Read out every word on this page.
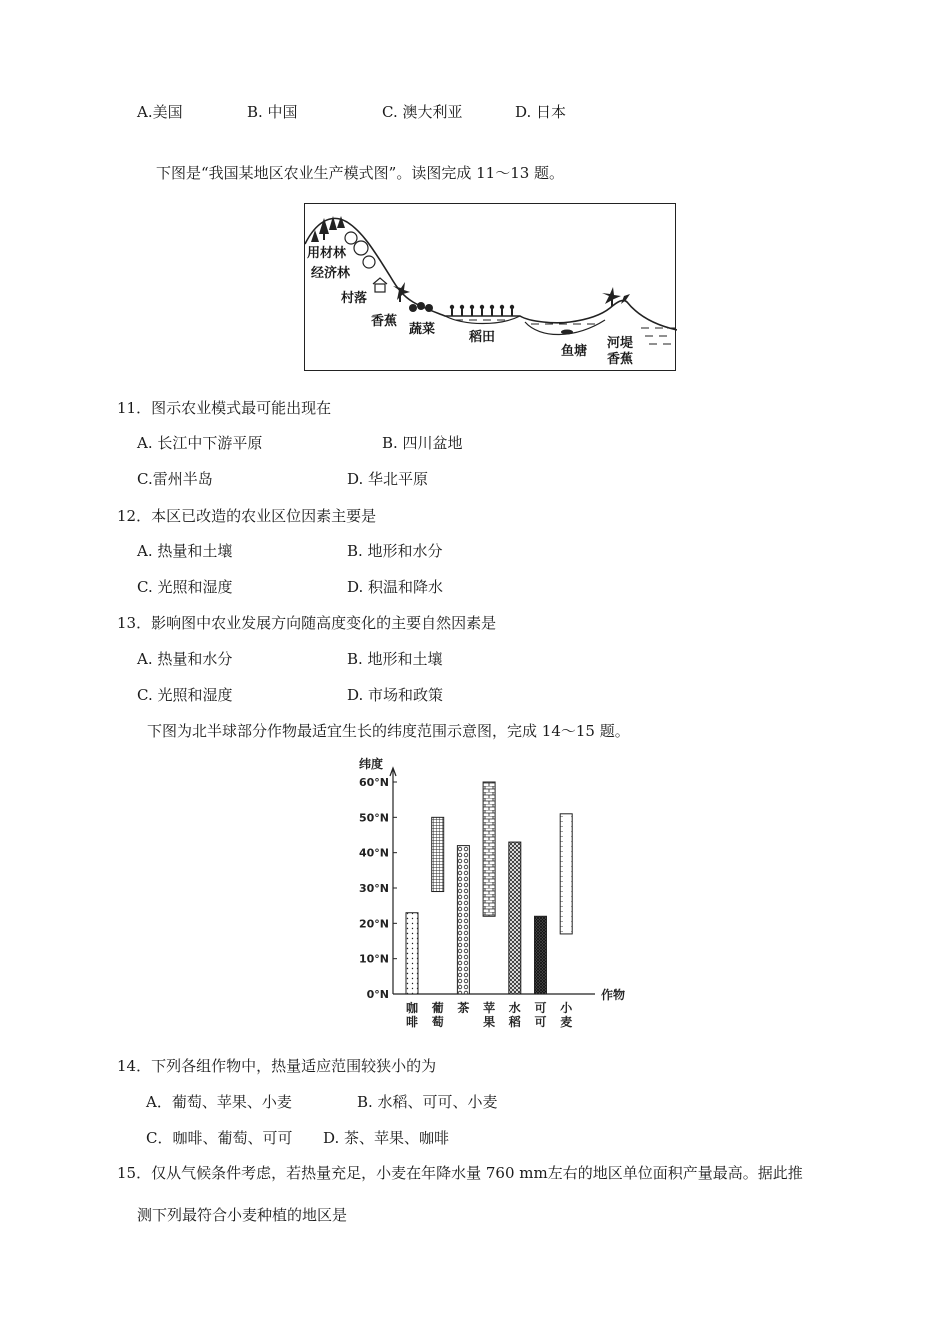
A.美国	B. 中国	C. 澳大利亚	D. 日本
下图是“我国某地区农业生产模式图”。读图完成 11～13 题。
用材林
经济林
村落
香蕉
蔬菜
稻田
鱼塘
河堤
香蕉
11．图示农业模式最可能出现在
A. 长江中下游平原	B. 四川盆地
C.雷州半岛	D. 华北平原
12．本区已改造的农业区位因素主要是
A. 热量和土壤	B. 地形和水分
C. 光照和湿度	D. 积温和降水
13．影响图中农业发展方向随高度变化的主要自然因素是
A. 热量和水分	B. 地形和土壤
C. 光照和湿度	D. 市场和政策
下图为北半球部分作物最适宜生长的纬度范围示意图，完成 14～15 题。
纬度
作物
0°N
10°N
20°N
30°N
40°N
50°N
60°N
咖
啡
葡
萄
茶 苹
果
水
稻
可
可
小
麦
14．下列各组作物中，热量适应范围较狭小的为
A．葡萄、苹果、小麦	B. 水稻、可可、小麦
C．咖啡、葡萄、可可 D. 茶、苹果、咖啡
15．仅从气候条件考虑，若热量充足，小麦在年降水量 760 mm左右的地区单位面积产量最高。据此推
测下列最符合小麦种植的地区是
